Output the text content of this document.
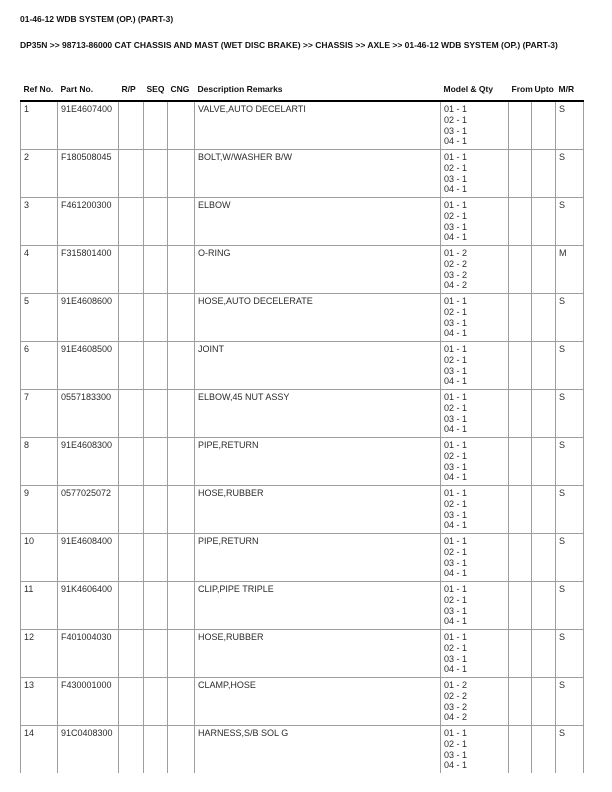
01-46-12 WDB SYSTEM (OP.) (PART-3)
DP35N >> 98713-86000 CAT CHASSIS AND MAST (WET DISC BRAKE) >> CHASSIS >> AXLE >> 01-46-12 WDB SYSTEM (OP.) (PART-3)
Ref No.	Part No.	R/P	SEQ	CNG	Description Remarks	Model & Qty	From	Upto	M/R
1	91E4607400				VALVE,AUTO DECELARTI	01 - 1
02 - 1
03 - 1
04 - 1			S
2	F180508045				BOLT,W/WASHER B/W	01 - 1
02 - 1
03 - 1
04 - 1			S
3	F461200300				ELBOW	01 - 1
02 - 1
03 - 1
04 - 1			S
4	F315801400				O-RING	01 - 2
02 - 2
03 - 2
04 - 2			M
5	91E4608600				HOSE,AUTO DECELERATE	01 - 1
02 - 1
03 - 1
04 - 1			S
6	91E4608500				JOINT	01 - 1
02 - 1
03 - 1
04 - 1			S
7	0557183300				ELBOW,45 NUT ASSY	01 - 1
02 - 1
03 - 1
04 - 1			S
8	91E4608300				PIPE,RETURN	01 - 1
02 - 1
03 - 1
04 - 1			S
9	0577025072				HOSE,RUBBER	01 - 1
02 - 1
03 - 1
04 - 1			S
10	91E4608400				PIPE,RETURN	01 - 1
02 - 1
03 - 1
04 - 1			S
11	91K4606400				CLIP,PIPE TRIPLE	01 - 1
02 - 1
03 - 1
04 - 1			S
12	F401004030				HOSE,RUBBER	01 - 1
02 - 1
03 - 1
04 - 1			S
13	F430001000				CLAMP,HOSE	01 - 2
02 - 2
03 - 2
04 - 2			S
14	91C0408300				HARNESS,S/B SOL G	01 - 1
02 - 1
03 - 1
04 - 1			S
